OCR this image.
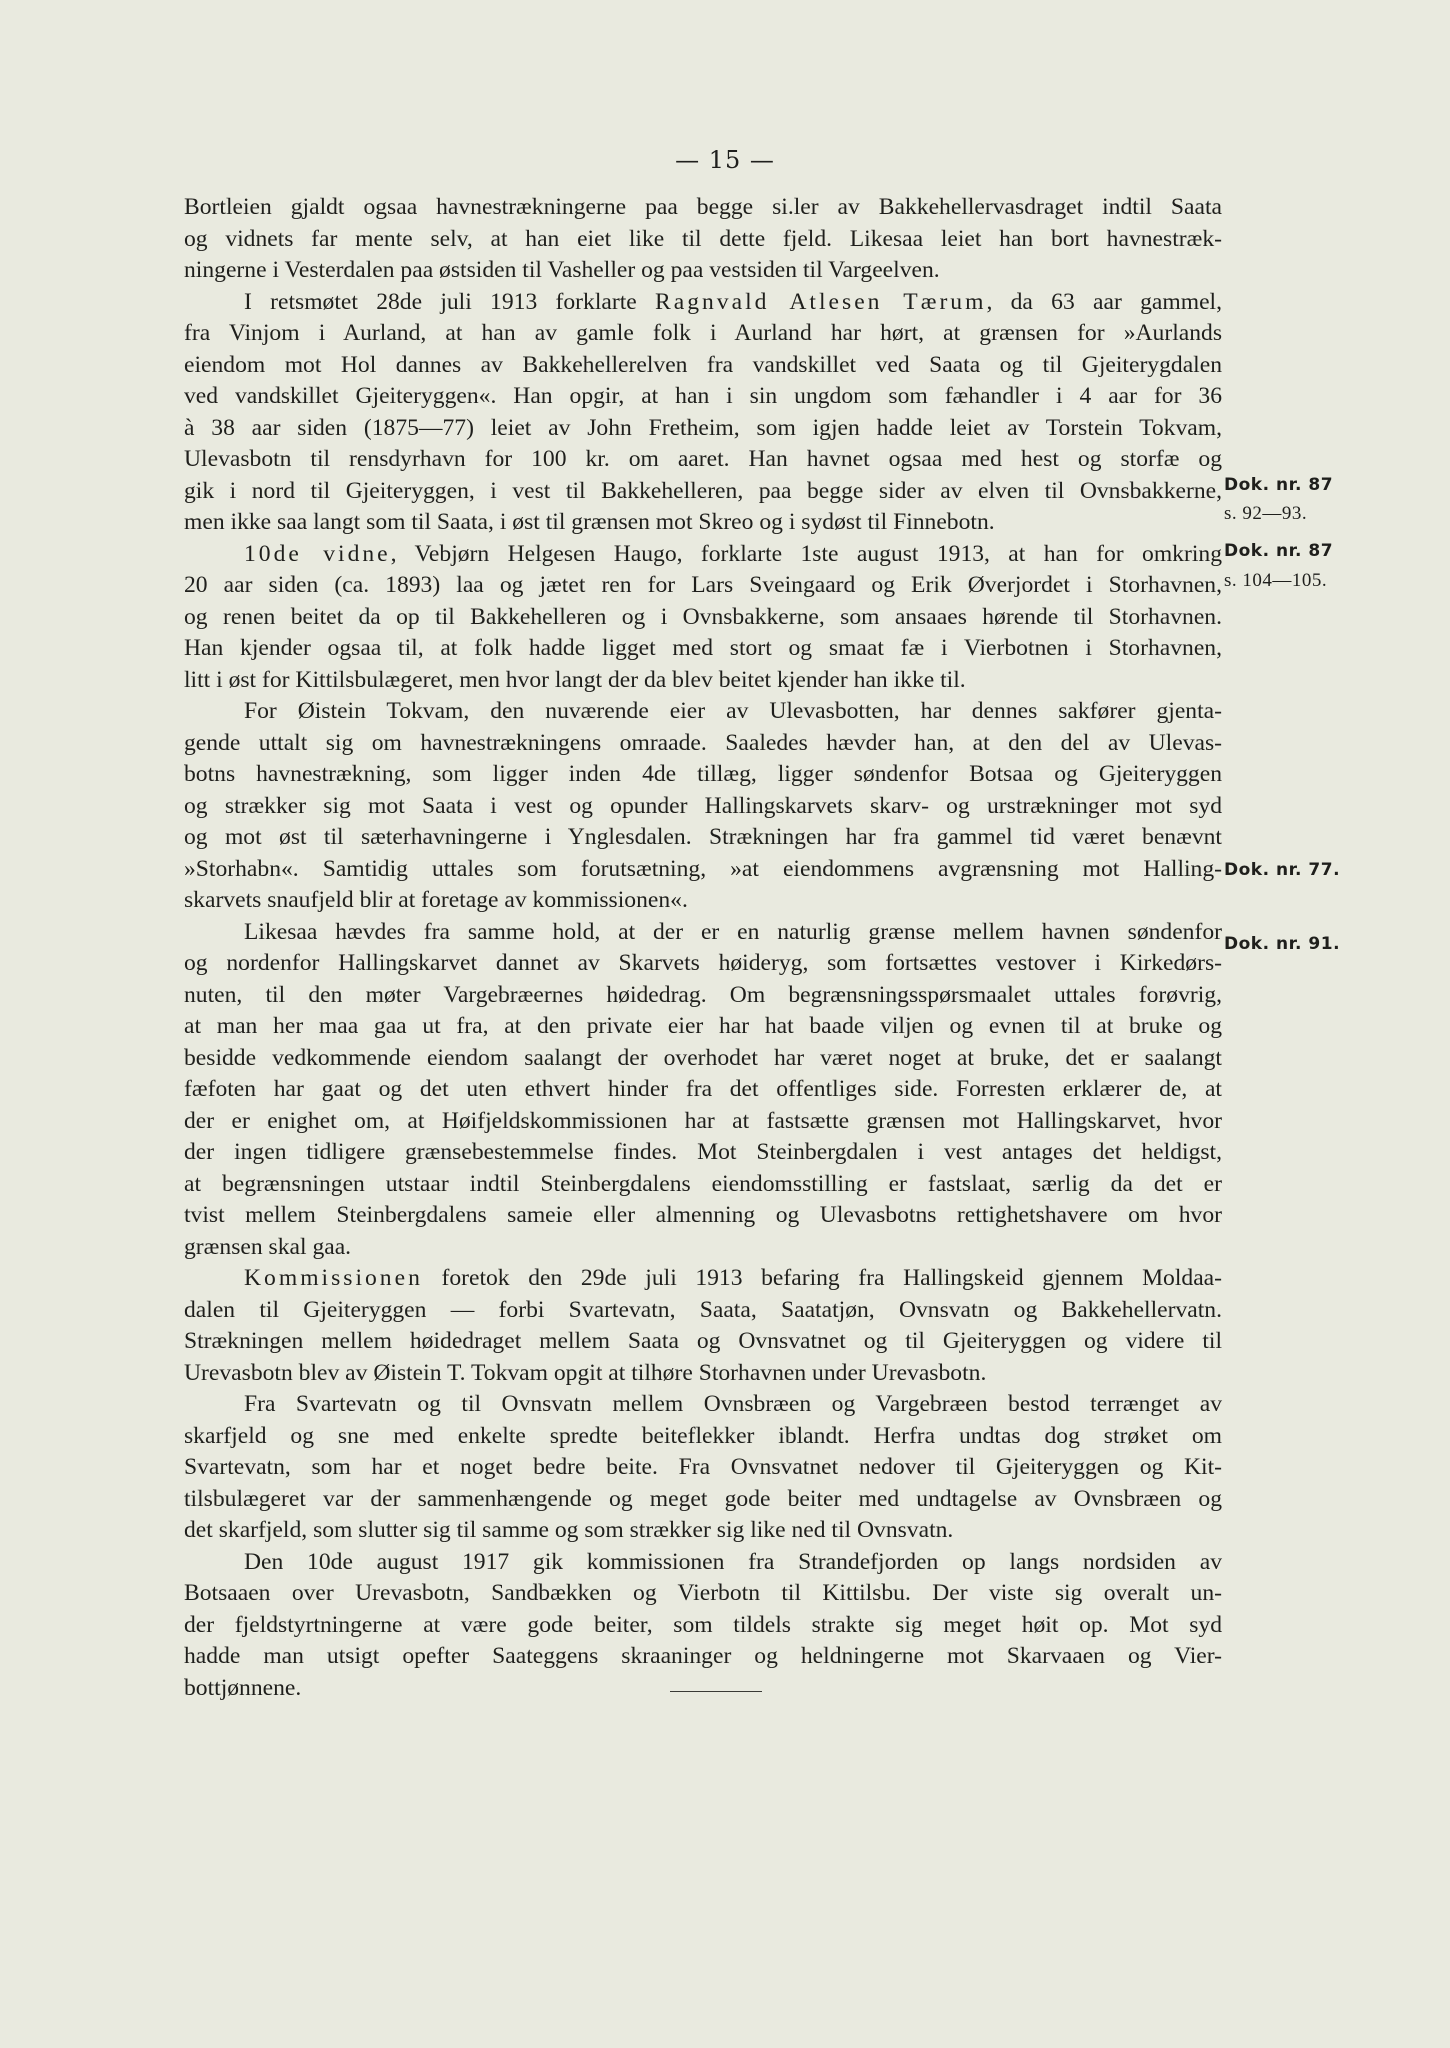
— 15 —
Bortleien gjaldt ogsaa havnestrækningerne paa begge si.ler av Bakkehellervasdraget indtil Saata
og vidnets far mente selv, at han eiet like til dette fjeld. Likesaa leiet han bort havnestræk-
ningerne i Vesterdalen paa østsiden til Vasheller og paa vestsiden til Vargeelven.
I retsmøtet 28de juli 1913 forklarte Ragnvald Atlesen Tærum, da 63 aar gammel,
fra Vinjom i Aurland, at han av gamle folk i Aurland har hørt, at grænsen for »Aurlands
eiendom mot Hol dannes av Bakkehellerelven fra vandskillet ved Saata og til Gjeiterygdalen
ved vandskillet Gjeiteryggen«. Han opgir, at han i sin ungdom som fæhandler i 4 aar for 36
à 38 aar siden (1875—77) leiet av John Fretheim, som igjen hadde leiet av Torstein Tokvam,
Ulevasbotn til rensdyrhavn for 100 kr. om aaret. Han havnet ogsaa med hest og storfæ og
gik i nord til Gjeiteryggen, i vest til Bakkehelleren, paa begge sider av elven til Ovnsbakkerne,
men ikke saa langt som til Saata, i øst til grænsen mot Skreo og i sydøst til Finnebotn.
10de vidne, Vebjørn Helgesen Haugo, forklarte 1ste august 1913, at han for omkring
20 aar siden (ca. 1893) laa og jætet ren for Lars Sveingaard og Erik Øverjordet i Storhavnen,
og renen beitet da op til Bakkehelleren og i Ovnsbakkerne, som ansaaes hørende til Storhavnen.
Han kjender ogsaa til, at folk hadde ligget med stort og smaat fæ i Vierbotnen i Storhavnen,
litt i øst for Kittilsbulægeret, men hvor langt der da blev beitet kjender han ikke til.
For Øistein Tokvam, den nuværende eier av Ulevasbotten, har dennes sakfører gjenta-
gende uttalt sig om havnestrækningens omraade. Saaledes hævder han, at den del av Ulevas-
botns havnestrækning, som ligger inden 4de tillæg, ligger søndenfor Botsaa og Gjeiteryggen
og strækker sig mot Saata i vest og opunder Hallingskarvets skarv- og urstrækninger mot syd
og mot øst til sæterhavningerne i Ynglesdalen. Strækningen har fra gammel tid været benævnt
»Storhabn«. Samtidig uttales som forutsætning, »at eiendommens avgrænsning mot Halling-
skarvets snaufjeld blir at foretage av kommissionen«.
Likesaa hævdes fra samme hold, at der er en naturlig grænse mellem havnen søndenfor
og nordenfor Hallingskarvet dannet av Skarvets høideryg, som fortsættes vestover i Kirkedørs-
nuten, til den møter Vargebræernes høidedrag. Om begrænsningsspørsmaalet uttales forøvrig,
at man her maa gaa ut fra, at den private eier har hat baade viljen og evnen til at bruke og
besidde vedkommende eiendom saalangt der overhodet har været noget at bruke, det er saalangt
fæfoten har gaat og det uten ethvert hinder fra det offentliges side. Forresten erklærer de, at
der er enighet om, at Høifjeldskommissionen har at fastsætte grænsen mot Hallingskarvet, hvor
der ingen tidligere grænsebestemmelse findes. Mot Steinbergdalen i vest antages det heldigst,
at begrænsningen utstaar indtil Steinbergdalens eiendomsstilling er fastslaat, særlig da det er
tvist mellem Steinbergdalens sameie eller almenning og Ulevasbotns rettighetshavere om hvor
grænsen skal gaa.
Kommissionen foretok den 29de juli 1913 befaring fra Hallingskeid gjennem Moldaa-
dalen til Gjeiteryggen — forbi Svartevatn, Saata, Saatatjøn, Ovnsvatn og Bakkehellervatn.
Strækningen mellem høidedraget mellem Saata og Ovnsvatnet og til Gjeiteryggen og videre til
Urevasbotn blev av Øistein T. Tokvam opgit at tilhøre Storhavnen under Urevasbotn.
Fra Svartevatn og til Ovnsvatn mellem Ovnsbræen og Vargebræen bestod terrænget av
skarfjeld og sne med enkelte spredte beiteflekker iblandt. Herfra undtas dog strøket om
Svartevatn, som har et noget bedre beite. Fra Ovnsvatnet nedover til Gjeiteryggen og Kit-
tilsbulægeret var der sammenhængende og meget gode beiter med undtagelse av Ovnsbræen og
det skarfjeld, som slutter sig til samme og som strækker sig like ned til Ovnsvatn.
Den 10de august 1917 gik kommissionen fra Strandefjorden op langs nordsiden av
Botsaaen over Urevasbotn, Sandbækken og Vierbotn til Kittilsbu. Der viste sig overalt un-
der fjeldstyrtningerne at være gode beiter, som tildels strakte sig meget høit op. Mot syd
hadde man utsigt opefter Saateggens skraaninger og heldningerne mot Skarvaaen og Vier-
bottjønnene.
Dok. nr. 87
s. 92—93.
Dok. nr. 87
s. 104—105.
Dok. nr. 77.
Dok. nr. 91.
